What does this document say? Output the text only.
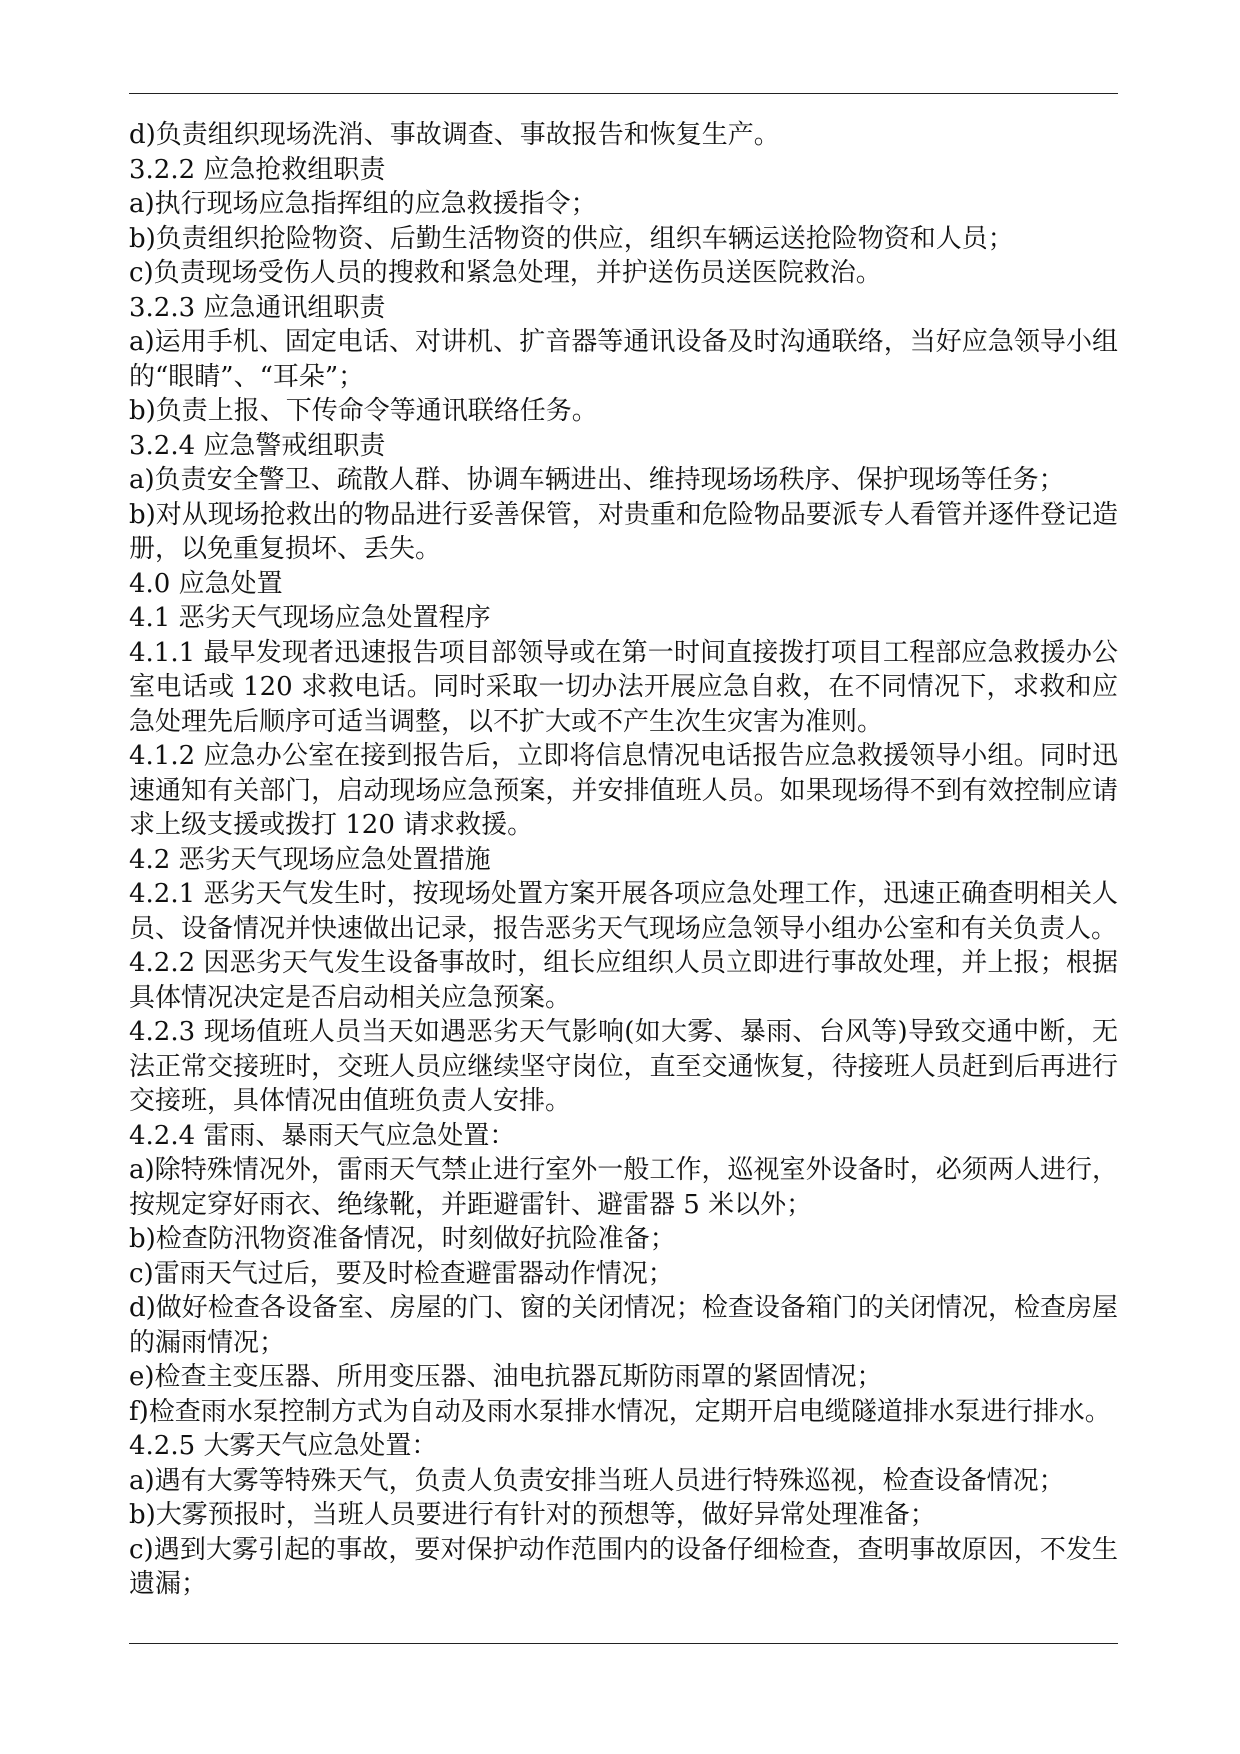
d)负责组织现场洗消、事故调查、事故报告和恢复生产。

3.2.2 应急抢救组职责

a)执行现场应急指挥组的应急救援指令；

b)负责组织抢险物资、后勤生活物资的供应，组织车辆运送抢险物资和人员；

c)负责现场受伤人员的搜救和紧急处理，并护送伤员送医院救治。

3.2.3 应急通讯组职责

a)运用手机、固定电话、对讲机、扩音器等通讯设备及时沟通联络，当好应急领导小组的“眼睛”、“耳朵”；

b)负责上报、下传命令等通讯联络任务。

3.2.4 应急警戒组职责

a)负责安全警卫、疏散人群、协调车辆进出、维持现场场秩序、保护现场等任务；

b)对从现场抢救出的物品进行妥善保管，对贵重和危险物品要派专人看管并逐件登记造册，以免重复损坏、丢失。

4.0 应急处置

4.1 恶劣天气现场应急处置程序

4.1.1 最早发现者迅速报告项目部领导或在第一时间直接拨打项目工程部应急救援办公室电话或 120 求救电话。同时采取一切办法开展应急自救，在不同情况下，求救和应急处理先后顺序可适当调整，以不扩大或不产生次生灾害为准则。

4.1.2 应急办公室在接到报告后，立即将信息情况电话报告应急救援领导小组。同时迅速通知有关部门，启动现场应急预案，并安排值班人员。如果现场得不到有效控制应请求上级支援或拨打 120 请求救援。

4.2 恶劣天气现场应急处置措施

4.2.1 恶劣天气发生时，按现场处置方案开展各项应急处理工作，迅速正确查明相关人员、设备情况并快速做出记录，报告恶劣天气现场应急领导小组办公室和有关负责人。

4.2.2 因恶劣天气发生设备事故时，组长应组织人员立即进行事故处理，并上报；根据具体情况决定是否启动相关应急预案。

4.2.3 现场值班人员当天如遇恶劣天气影响(如大雾、暴雨、台风等)导致交通中断，无法正常交接班时，交班人员应继续坚守岗位，直至交通恢复，待接班人员赶到后再进行交接班，具体情况由值班负责人安排。

4.2.4 雷雨、暴雨天气应急处置：

a)除特殊情况外，雷雨天气禁止进行室外一般工作，巡视室外设备时，必须两人进行，按规定穿好雨衣、绝缘靴，并距避雷针、避雷器 5 米以外；

b)检查防汛物资准备情况，时刻做好抗险准备；

c)雷雨天气过后，要及时检查避雷器动作情况；

d)做好检查各设备室、房屋的门、窗的关闭情况；检查设备箱门的关闭情况，检查房屋的漏雨情况；

e)检查主变压器、所用变压器、油电抗器瓦斯防雨罩的紧固情况；

f)检查雨水泵控制方式为自动及雨水泵排水情况，定期开启电缆隧道排水泵进行排水。

4.2.5 大雾天气应急处置：

a)遇有大雾等特殊天气，负责人负责安排当班人员进行特殊巡视，检查设备情况；

b)大雾预报时，当班人员要进行有针对的预想等，做好异常处理准备；

c)遇到大雾引起的事故，要对保护动作范围内的设备仔细检查，查明事故原因，不发生遗漏；
